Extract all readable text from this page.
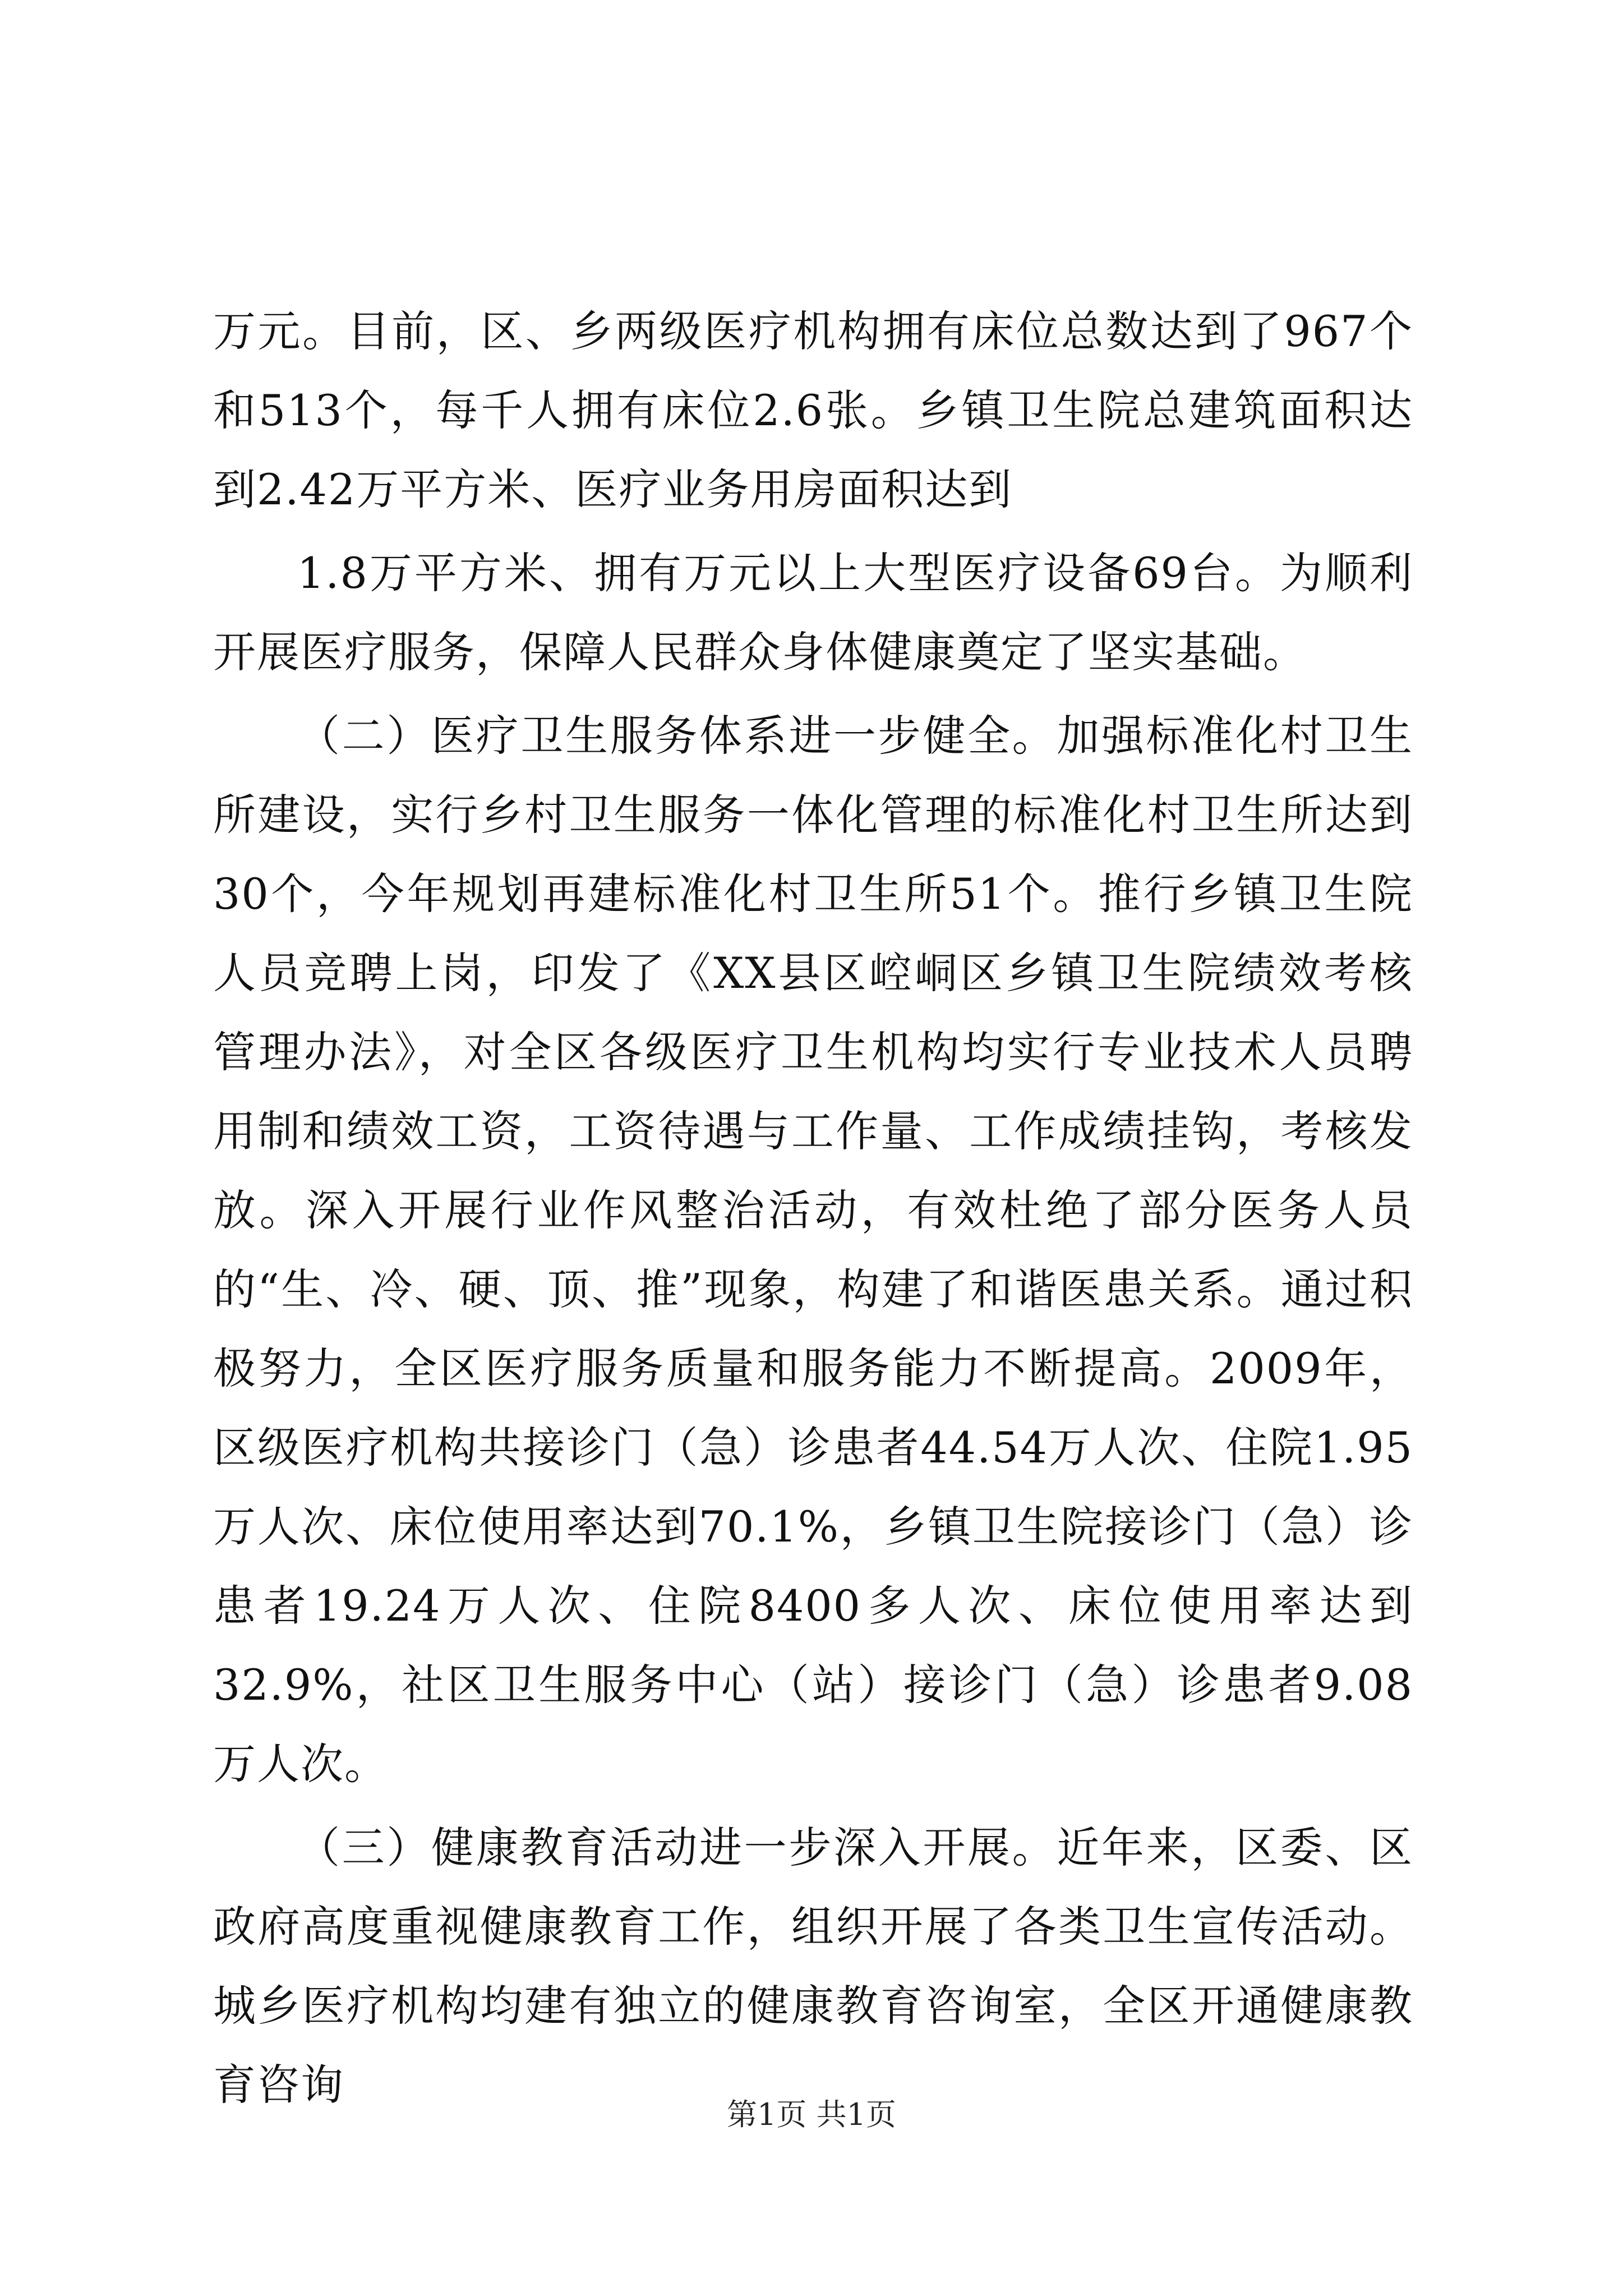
万元。目前，区、乡两级医疗机构拥有床位总数达到了967个和513个，每千人拥有床位2.6张。乡镇卫生院总建筑面积达到2.42万平方米、医疗业务用房面积达到

1.8万平方米、拥有万元以上大型医疗设备69台。为顺利开展医疗服务，保障人民群众身体健康奠定了坚实基础。

（二）医疗卫生服务体系进一步健全。加强标准化村卫生所建设，实行乡村卫生服务一体化管理的标准化村卫生所达到30个，今年规划再建标准化村卫生所51个。推行乡镇卫生院人员竞聘上岗，印发了《XX县区崆峒区乡镇卫生院绩效考核管理办法》，对全区各级医疗卫生机构均实行专业技术人员聘用制和绩效工资，工资待遇与工作量、工作成绩挂钩，考核发放。深入开展行业作风整治活动，有效杜绝了部分医务人员的“生、冷、硬、顶、推”现象，构建了和谐医患关系。通过积极努力，全区医疗服务质量和服务能力不断提高。2009年，区级医疗机构共接诊门（急）诊患者44.54万人次、住院1.95万人次、床位使用率达到70.1%，乡镇卫生院接诊门（急）诊患者19.24万人次、住院8400多人次、床位使用率达到32.9%，社区卫生服务中心（站）接诊门（急）诊患者9.08万人次。

（三）健康教育活动进一步深入开展。近年来，区委、区政府高度重视健康教育工作，组织开展了各类卫生宣传活动。城乡医疗机构均建有独立的健康教育咨询室，全区开通健康教育咨询

第1页 共1页
